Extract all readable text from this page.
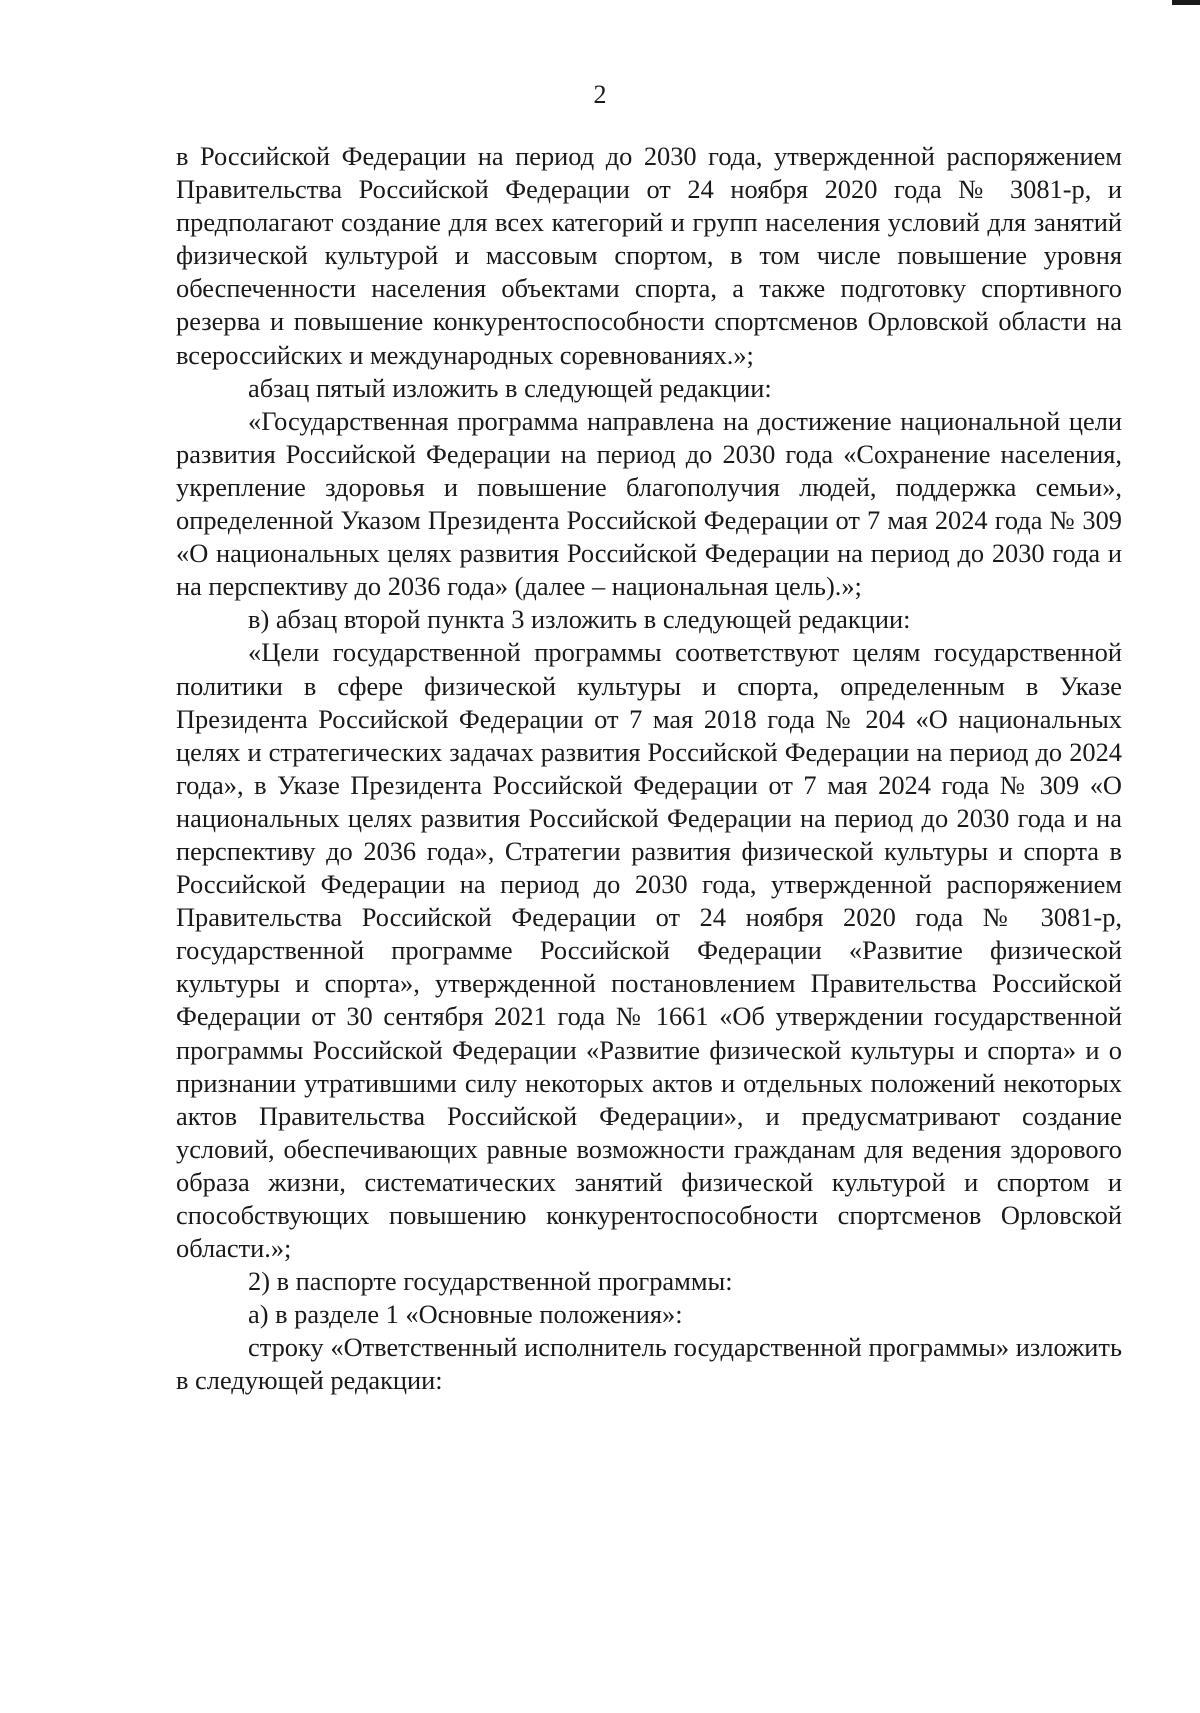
2

в Российской Федерации на период до 2030 года, утвержденной распоряжением Правительства Российской Федерации от 24 ноября 2020 года № 3081-р, и предполагают создание для всех категорий и групп населения условий для занятий физической культурой и массовым спортом, в том числе повышение уровня обеспеченности населения объектами спорта, а также подготовку спортивного резерва и повышение конкурентоспособности спортсменов Орловской области на всероссийских и международных соревнованиях.»;

абзац пятый изложить в следующей редакции:

«Государственная программа направлена на достижение национальной цели развития Российской Федерации на период до 2030 года «Сохранение населения, укрепление здоровья и повышение благополучия людей, поддержка семьи», определенной Указом Президента Российской Федерации от 7 мая 2024 года № 309 «О национальных целях развития Российской Федерации на период до 2030 года и на перспективу до 2036 года» (далее – национальная цель).»;

в) абзац второй пункта 3 изложить в следующей редакции:

«Цели государственной программы соответствуют целям государственной политики в сфере физической культуры и спорта, определенным в Указе Президента Российской Федерации от 7 мая 2018 года № 204 «О национальных целях и стратегических задачах развития Российской Федерации на период до 2024 года», в Указе Президента Российской Федерации от 7 мая 2024 года № 309 «О национальных целях развития Российской Федерации на период до 2030 года и на перспективу до 2036 года», Стратегии развития физической культуры и спорта в Российской Федерации на период до 2030 года, утвержденной распоряжением Правительства Российской Федерации от 24 ноября 2020 года № 3081-р, государственной программе Российской Федерации «Развитие физической культуры и спорта», утвержденной постановлением Правительства Российской Федерации от 30 сентября 2021 года № 1661 «Об утверждении государственной программы Российской Федерации «Развитие физической культуры и спорта» и о признании утратившими силу некоторых актов и отдельных положений некоторых актов Правительства Российской Федерации», и предусматривают создание условий, обеспечивающих равные возможности гражданам для ведения здорового образа жизни, систематических занятий физической культурой и спортом и способствующих повышению конкурентоспособности спортсменов Орловской области.»;

2) в паспорте государственной программы:

а) в разделе 1 «Основные положения»:

строку «Ответственный исполнитель государственной программы» изложить в следующей редакции:
